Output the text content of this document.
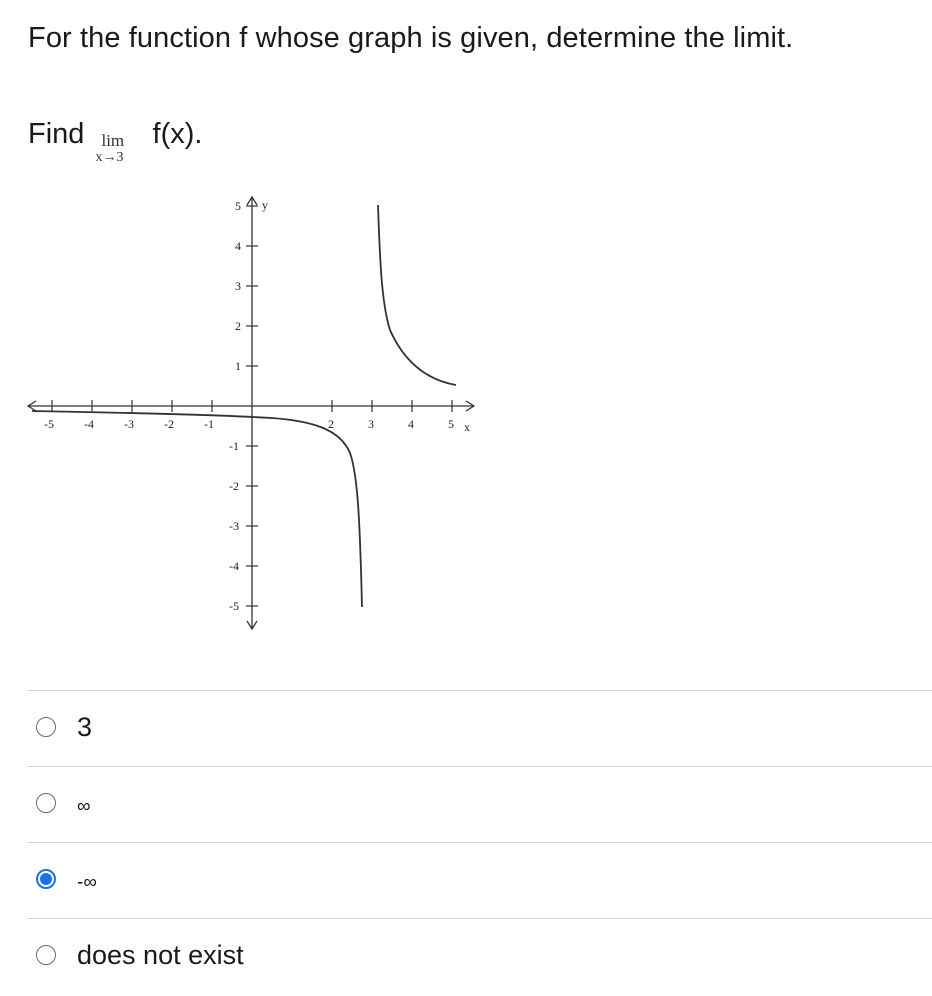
For the function f whose graph is given, determine the limit.
Find lim
x→3
f(x).
-5	-4	-3	-2	-1	2	3	4	5
5
4
3
2
1
-1
-2
-3
-4
-5
y
x
3
∞
-∞
does not exist
